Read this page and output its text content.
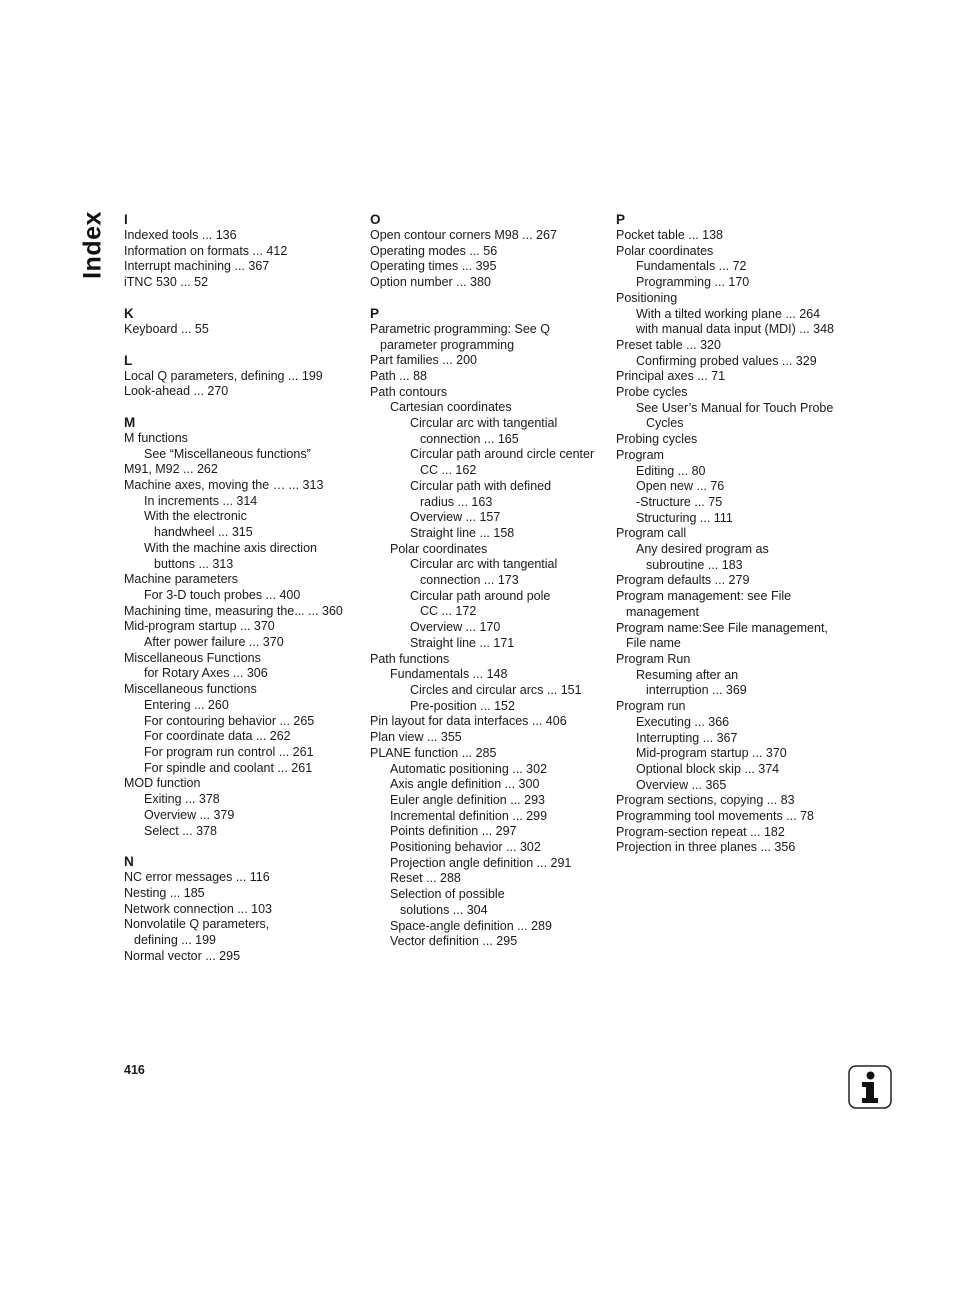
Index I
Indexed tools ... 136
Information on formats ... 412
Interrupt machining ... 367
iTNC 530 ... 52
K
Keyboard ... 55
L
Local Q parameters, defining ... 199
Look-ahead ... 270
M
M functions
See “Miscellaneous functions”
M91, M92 ... 262
Machine axes, moving the … ... 313
In increments ... 314
With the electronic
handwheel ... 315
With the machine axis direction
buttons ... 313
Machine parameters
For 3-D touch probes ... 400
Machining time, measuring the... ... 360
Mid-program startup ... 370
After power failure ... 370
Miscellaneous Functions
for Rotary Axes ... 306
Miscellaneous functions
Entering ... 260
For contouring behavior ... 265
For coordinate data ... 262
For program run control ... 261
For spindle and coolant ... 261
MOD function
Exiting ... 378
Overview ... 379
Select ... 378
N
NC error messages ... 116
Nesting ... 185
Network connection ... 103
Nonvolatile Q parameters,
defining ... 199
Normal vector ... 295
O
Open contour corners M98 ... 267
Operating modes ... 56
Operating times ... 395
Option number ... 380
P
Parametric programming: See Q
parameter programming
Part families ... 200
Path ... 88
Path contours
Cartesian coordinates
Circular arc with tangential
connection ... 165
Circular path around circle center
CC ... 162
Circular path with defined
radius ... 163
Overview ... 157
Straight line ... 158
Polar coordinates
Circular arc with tangential
connection ... 173
Circular path around pole
CC ... 172
Overview ... 170
Straight line ... 171
Path functions
Fundamentals ... 148
Circles and circular arcs ... 151
Pre-position ... 152
Pin layout for data interfaces ... 406
Plan view ... 355
PLANE function ... 285
Automatic positioning ... 302
Axis angle definition ... 300
Euler angle definition ... 293
Incremental definition ... 299
Points definition ... 297
Positioning behavior ... 302
Projection angle definition ... 291
Reset ... 288
Selection of possible
solutions ... 304
Space-angle definition ... 289
Vector definition ... 295
P
Pocket table ... 138
Polar coordinates
Fundamentals ... 72
Programming ... 170
Positioning
With a tilted working plane ... 264
with manual data input (MDI) ... 348
Preset table ... 320
Confirming probed values ... 329
Principal axes ... 71
Probe cycles
See User’s Manual for Touch Probe
Cycles
Probing cycles
Program
Editing ... 80
Open new ... 76
-Structure ... 75
Structuring ... 111
Program call
Any desired program as
subroutine ... 183
Program defaults ... 279
Program management: see File
management
Program name:See File management,
File name
Program Run
Resuming after an
interruption ... 369
Program run
Executing ... 366
Interrupting ... 367
Mid-program startup ... 370
Optional block skip ... 374
Overview ... 365
Program sections, copying ... 83
Programming tool movements ... 78
Program-section repeat ... 182
Projection in three planes ... 356
416
